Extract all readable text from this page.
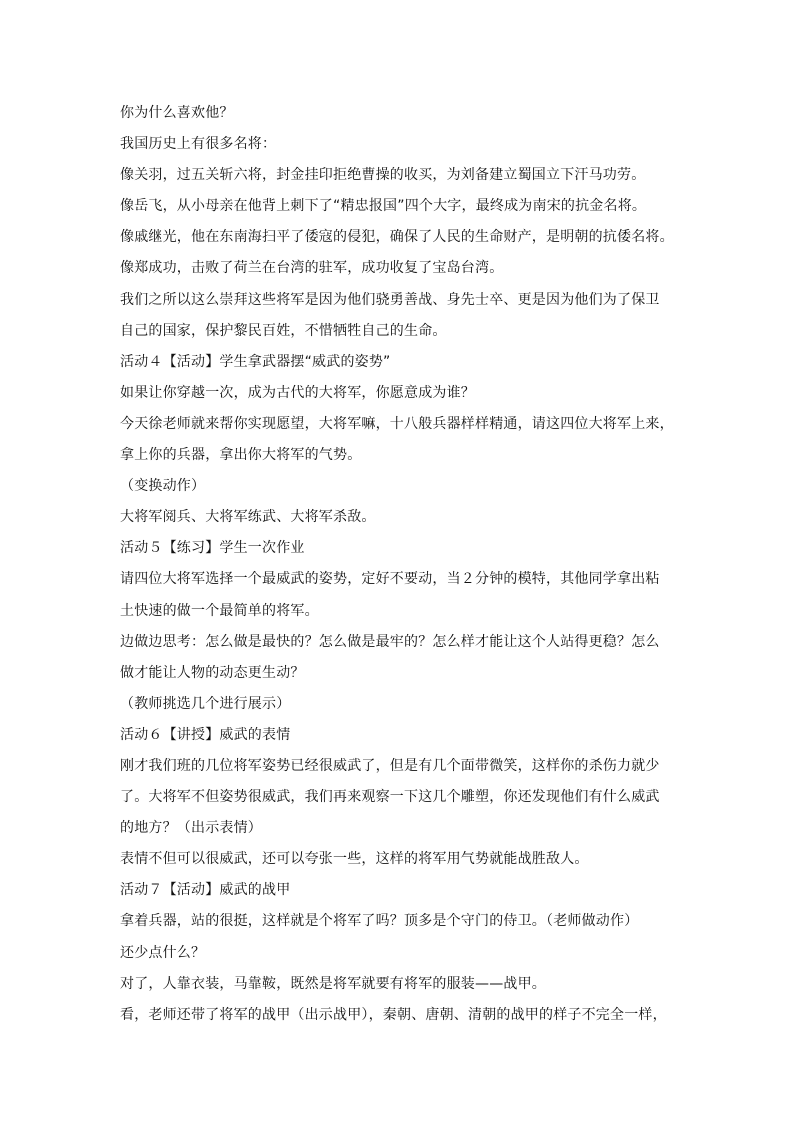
你为什么喜欢他？
我国历史上有很多名将：
像关羽，过五关斩六将，封金挂印拒绝曹操的收买，为刘备建立蜀国立下汗马功劳。
像岳飞，从小母亲在他背上刺下了“精忠报国”四个大字，最终成为南宋的抗金名将。
像戚继光，他在东南海扫平了倭寇的侵犯，确保了人民的生命财产，是明朝的抗倭名将。
像郑成功，击败了荷兰在台湾的驻军，成功收复了宝岛台湾。
我们之所以这么崇拜这些将军是因为他们骁勇善战、身先士卒、更是因为他们为了保卫
自己的国家，保护黎民百姓，不惜牺牲自己的生命。
活动４【活动】学生拿武器摆“威武的姿势”
如果让你穿越一次，成为古代的大将军，你愿意成为谁？
今天徐老师就来帮你实现愿望，大将军嘛，十八般兵器样样精通，请这四位大将军上来，
拿上你的兵器，拿出你大将军的气势。
（变换动作）
大将军阅兵、大将军练武、大将军杀敌。
活动５【练习】学生一次作业
请四位大将军选择一个最威武的姿势，定好不要动，当２分钟的模特，其他同学拿出粘
土快速的做一个最简单的将军。
边做边思考：怎么做是最快的？怎么做是最牢的？怎么样才能让这个人站得更稳？怎么
做才能让人物的动态更生动？
（教师挑选几个进行展示）
活动６【讲授】威武的表情
刚才我们班的几位将军姿势已经很威武了，但是有几个面带微笑，这样你的杀伤力就少
了。大将军不但姿势很威武，我们再来观察一下这几个雕塑，你还发现他们有什么威武
的地方？（出示表情）
表情不但可以很威武，还可以夸张一些，这样的将军用气势就能战胜敌人。
活动７【活动】威武的战甲
拿着兵器，站的很挺，这样就是个将军了吗？顶多是个守门的侍卫。（老师做动作）
还少点什么？
对了，人靠衣装，马靠鞍，既然是将军就要有将军的服装——战甲。
看，老师还带了将军的战甲（出示战甲），秦朝、唐朝、清朝的战甲的样子不完全一样，
